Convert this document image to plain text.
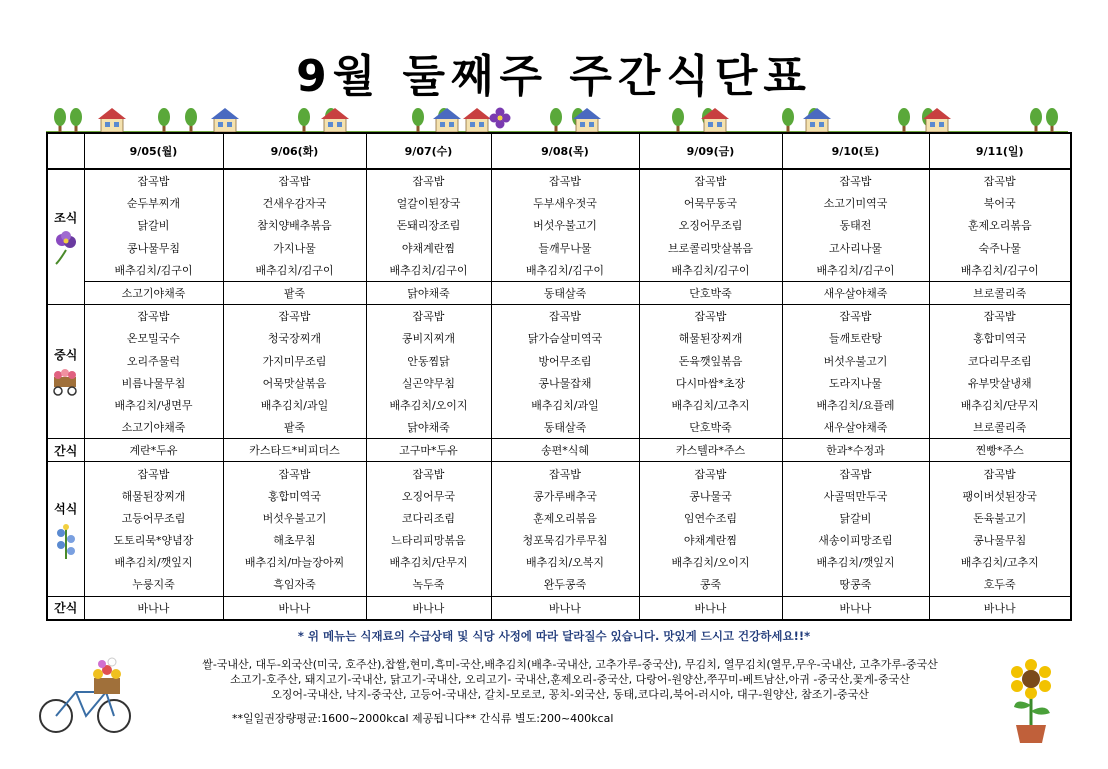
9월 둘째주 주간식단표
	9/05(월)	9/06(화)	9/07(수)	9/08(목)	9/09(금)	9/10(토)	9/11(일)
조식	잡곡밥	잡곡밥	잡곡밥	잡곡밥	잡곡밥	잡곡밥	잡곡밥
	순두부찌개	건새우감자국	얼갈이된장국	두부새우젓국	어묵무동국	소고기미역국	북어국
	닭갈비	참치양배추볶음	돈돼리장조림	버섯우불고기	오징어무조림	동태전	훈제오리볶음
	콩나물무침	가지나물	야채계란찜	들깨무나물	브로콜리맛살볶음	고사리나물	숙주나물
	배추김치/김구이	배추김치/김구이	배추김치/김구이	배추김치/김구이	배추김치/김구이	배추김치/김구이	배추김치/김구이
	소고기야채죽	팥죽	닭야채죽	동태살죽	단호박죽	새우살야채죽	브로콜리죽
중식	잡곡밥	잡곡밥	잡곡밥	잡곡밥	잡곡밥	잡곡밥	잡곡밥
	온모밀국수	청국장찌개	콩비지찌개	닭가슴살미역국	해물된장찌개	들깨토란탕	홍합미역국
	오리주물럭	가지미무조림	안동찜닭	방어무조림	돈육깻잎볶음	버섯우불고기	코다리무조림
	비름나물무침	어묵맛살볶음	실곤약무침	콩나물잡채	다시마쌈*초장	도라지나물	유부맛살냉채
	배추김치/냉면무	배추김치/과일	배추김치/오이지	배추김치/과일	배추김치/고추지	배추김치/요플레	배추김치/단무지
	소고기야채죽	팥죽	닭야채죽	동태살죽	단호박죽	새우살야채죽	브로콜리죽
간식	계란*두유	카스타드*비피더스	고구마*두유	송편*식혜	카스텔라*주스	한과*수정과	찐빵*주스
석식	잡곡밥	잡곡밥	잡곡밥	잡곡밥	잡곡밥	잡곡밥	잡곡밥
	해물된장찌개	홍합미역국	오징어무국	콩가루배추국	콩나물국	사골떡만두국	팽이버섯된장국
	고등어무조림	버섯우불고기	코다리조림	훈제오리볶음	임연수조림	닭갈비	돈육불고기
	도토리묵*양념장	해초무침	느타리피망볶음	청포묵김가루무침	야채계란찜	새송이피망조림	콩나물무침
	배추김치/깻잎지	배추김치/마늘장아찌	배추김치/단무지	배추김치/오복지	배추김치/오이지	배추김치/깻잎지	배추김치/고추지
	누룽지죽	흑임자죽	녹두죽	완두콩죽	콩죽	땅콩죽	호두죽
간식	바나나	바나나	바나나	바나나	바나나	바나나	바나나
* 위 메뉴는 식재료의 수급상태 및 식당 사정에 따라 달라질수 있습니다. 맛있게 드시고 건강하세요!!*
쌀-국내산, 대두-외국산(미국, 호주산),찹쌀,현미,흑미-국산,배추김치(배추-국내산, 고추가루-중국산), 무김치, 열무김치(열무,무우-국내산, 고추가루-중국산
소고기-호주산, 돼지고기-국내산, 닭고기-국내산, 오리고기- 국내산,훈제오리-중국산, 다랑어-원양산,쭈꾸미-베트남산,아귀 -중국산,꽃게-중국산
오징어-국내산, 낙지-중국산, 고등어-국내산, 갈치-모로코, 꽁치-외국산, 동태,코다리,북어-러시아, 대구-원양산, 참조기-중국산
**일일권장량평균:1600~2000kcal 제공됩니다** 간식류 별도:200~400kcal
